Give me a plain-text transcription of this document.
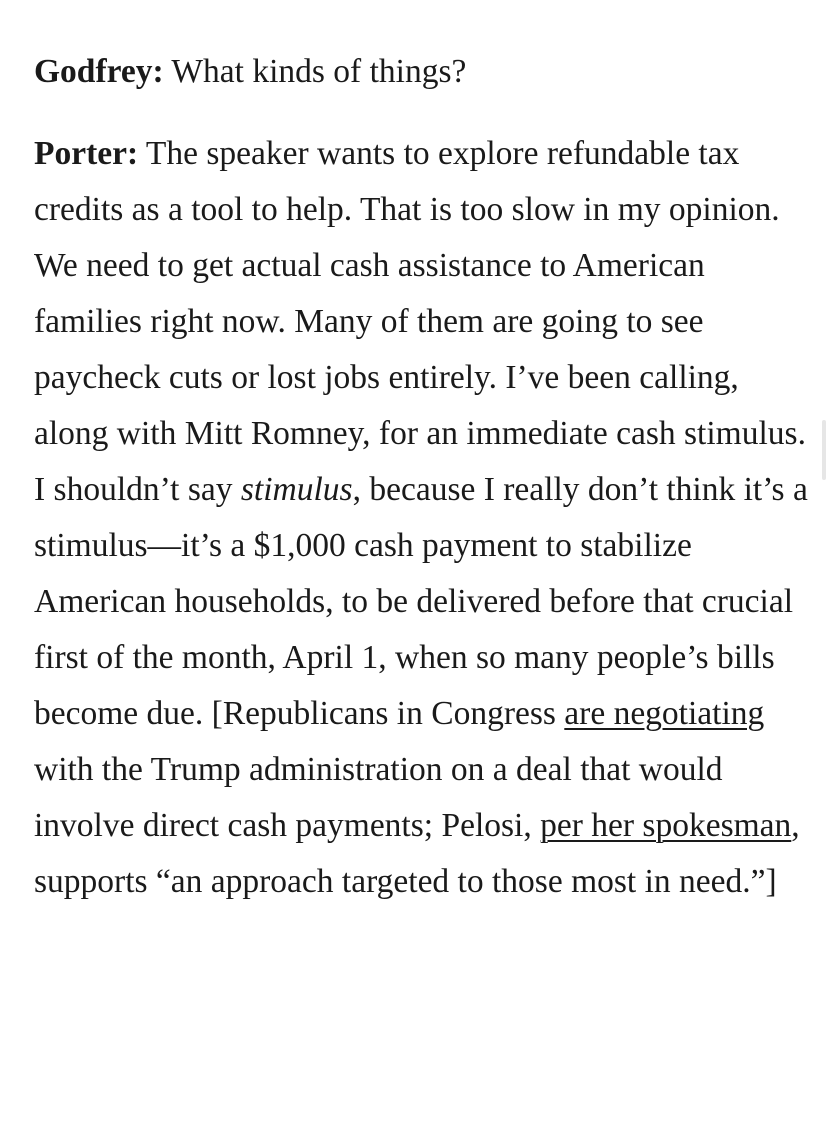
Godfrey: What kinds of things?

Porter: The speaker wants to explore refundable tax credits as a tool to help. That is too slow in my opinion. We need to get actual cash assistance to American families right now. Many of them are going to see paycheck cuts or lost jobs entirely. I’ve been calling, along with Mitt Romney, for an immediate cash stimulus. I shouldn’t say stimulus, because I really don’t think it’s a stimulus—it’s a $1,000 cash payment to stabilize American households, to be delivered before that crucial first of the month, April 1, when so many people’s bills become due. [Republicans in Congress are negotiating with the Trump administration on a deal that would involve direct cash payments; Pelosi, per her spokesman, supports “an approach targeted to those most in need.”]
